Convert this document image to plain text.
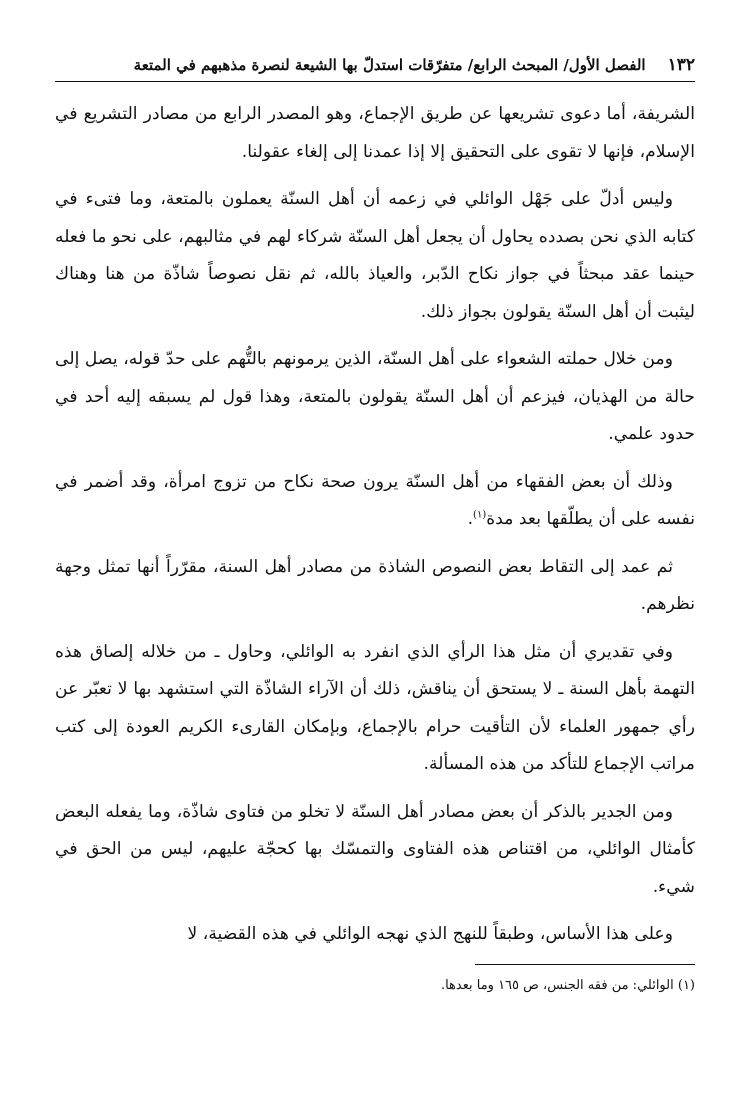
١٣٢
الفصل الأول/ المبحث الرابع/ متفرّقات استدلّ بها الشيعة لنصرة مذهبهم في المتعة

الشريفة، أما دعوى تشريعها عن طريق الإجماع، وهو المصدر الرابع من مصادر التشريع في الإسلام، فإنها لا تقوى على التحقيق إلا إذا عمدنا إلى إلغاء عقولنا.

وليس أدلّ على جَهْل الوائلي في زعمه أن أهل السنّة يعملون بالمتعة، وما فتىء في كتابه الذي نحن بصدده يحاول أن يجعل أهل السنّة شركاء لهم في مثالبهم، على نحو ما فعله حينما عقد مبحثاً في جواز نكاح الدّبر، والعياذ بالله، ثم نقل نصوصاً شاذّة من هنا وهناك ليثبت أن أهل السنّة يقولون بجواز ذلك.

ومن خلال حملته الشعواء على أهل السنّة، الذين يرمونهم بالتُّهم على حدّ قوله، يصل إلى حالة من الهذيان، فيزعم أن أهل السنّة يقولون بالمتعة، وهذا قول لم يسبقه إليه أحد في حدود علمي.

وذلك أن بعض الفقهاء من أهل السنّة يرون صحة نكاح من تزوج امرأة، وقد أضمر في نفسه على أن يطلّقها بعد مدة$^{(١)}$.

ثم عمد إلى التقاط بعض النصوص الشاذة من مصادر أهل السنة، مقرّراً أنها تمثل وجهة نظرهم.

وفي تقديري أن مثل هذا الرأي الذي انفرد به الوائلي، وحاول ـ من خلاله إلصاق هذه التهمة بأهل السنة ـ لا يستحق أن يناقش، ذلك أن الآراء الشاذّة التي استشهد بها لا تعبّر عن رأي جمهور العلماء لأن التأقيت حرام بالإجماع، وبإمكان القارىء الكريم العودة إلى كتب مراتب الإجماع للتأكد من هذه المسألة.

ومن الجدير بالذكر أن بعض مصادر أهل السنّة لا تخلو من فتاوى شاذّة، وما يفعله البعض كأمثال الوائلي، من اقتناص هذه الفتاوى والتمسّك بها كحجّة عليهم، ليس من الحق في شيء.

وعلى هذا الأساس، وطبقاً للنهج الذي نهجه الوائلي في هذه القضية، لا

(١) الوائلي: من فقه الجنس، ص ١٦٥ وما بعدها.
